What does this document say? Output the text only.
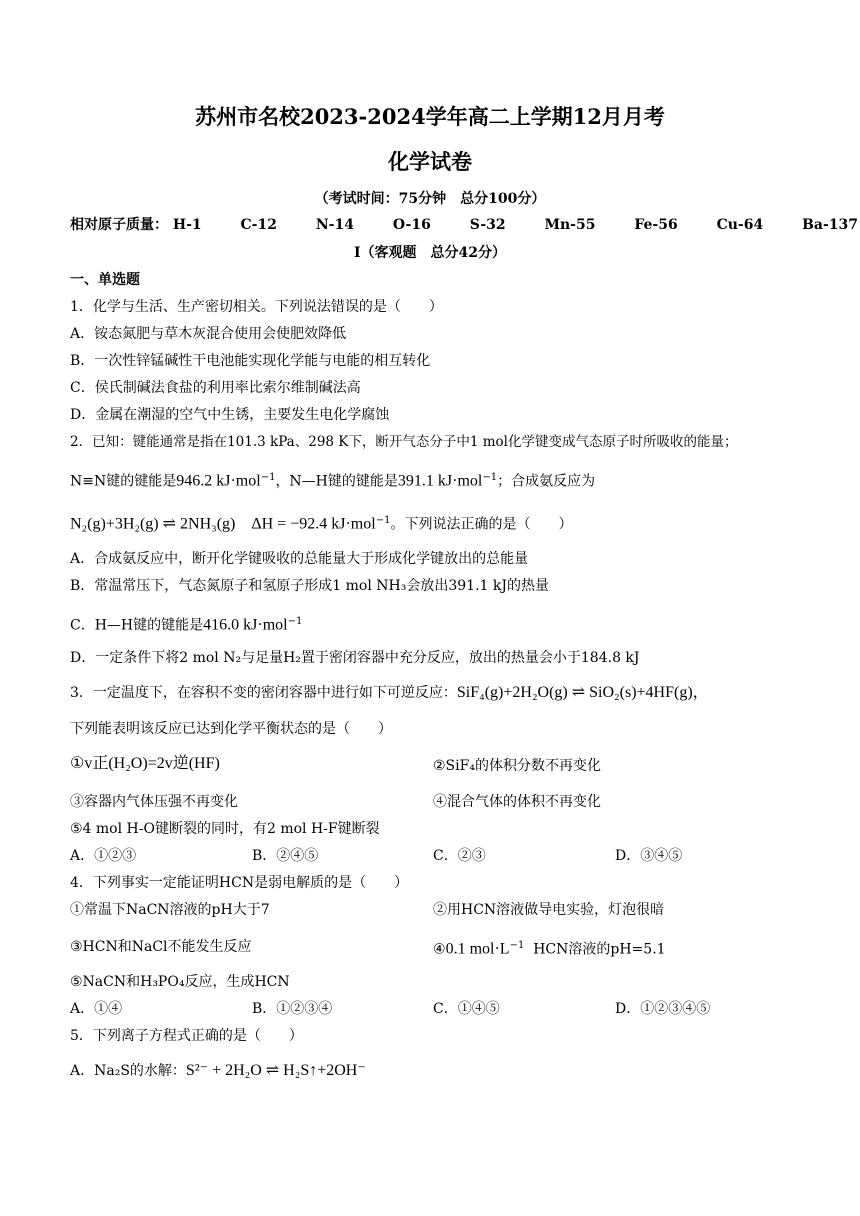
苏州市名校2023-2024学年高二上学期12月月考
化学试卷
（考试时间：75分钟　总分100分）
相对原子质量： H-1	C-12	N-14	O-16	S-32	Mn-55	Fe-56	Cu-64	Ba-137
Ⅰ（客观题　总分42分）
一、单选题
1．化学与生活、生产密切相关。下列说法错误的是（　　）
A．铵态氮肥与草木灰混合使用会使肥效降低
B．一次性锌锰碱性干电池能实现化学能与电能的相互转化
C．侯氏制碱法食盐的利用率比索尔维制碱法高
D．金属在潮湿的空气中生锈，主要发生电化学腐蚀
2．已知：键能通常是指在101.3 kPa、298 K下，断开气态分子中1 mol化学键变成气态原子时所吸收的能量；
N≡N键的键能是946.2 kJ·mol$^{-1}$，N—H键的键能是391.1 kJ·mol$^{-1}$；合成氨反应为
N₂(g)+3H₂(g) ⇌ 2NH₃(g)　ΔH = −92.4 kJ·mol$^{-1}$。下列说法正确的是（　　）
A．合成氨反应中，断开化学键吸收的总能量大于形成化学键放出的总能量
B．常温常压下，气态氮原子和氢原子形成1 mol NH₃会放出391.1 kJ的热量
C．H—H键的键能是416.0 kJ·mol$^{-1}$
D．一定条件下将2 mol N₂与足量H₂置于密闭容器中充分反应，放出的热量会小于184.8 kJ
3．一定温度下，在容积不变的密闭容器中进行如下可逆反应：SiF₄(g)+2H₂O(g) ⇌ SiO₂(s)+4HF(g)，
下列能表明该反应已达到化学平衡状态的是（　　）
①v正(H₂O)=2v逆(HF)	②SiF₄的体积分数不再变化
③容器内气体压强不再变化	④混合气体的体积不再变化
⑤4 mol H-O键断裂的同时，有2 mol H-F键断裂
A．①②③	B．②④⑤	C．②③	D．③④⑤
4．下列事实一定能证明HCN是弱电解质的是（　　）
①常温下NaCN溶液的pH大于7	②用HCN溶液做导电实验，灯泡很暗
③HCN和NaCl不能发生反应	④0.1 $mol\cdot L^{-1}$ HCN溶液的pH=5.1
⑤NaCN和H₃PO₄反应，生成HCN
A．①④	B．①②③④	C．①④⑤	D．①②③④⑤
5．下列离子方程式正确的是（　　）
A．Na₂S的水解：S²⁻ + 2H₂O ⇌ H₂S↑+2OH⁻
